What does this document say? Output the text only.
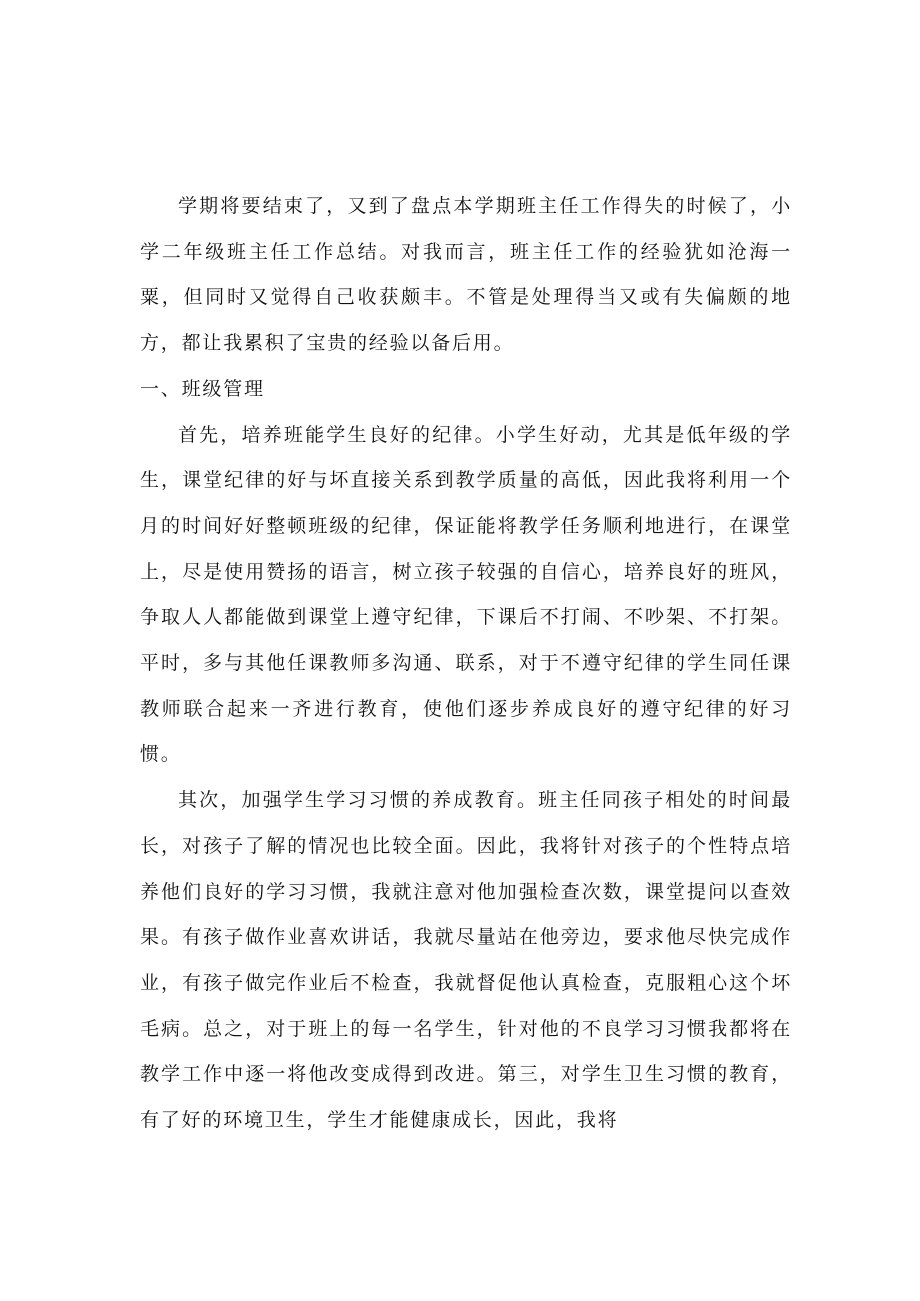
学期将要结束了，又到了盘点本学期班主任工作得失的时候了，小学二年级班主任工作总结。对我而言，班主任工作的经验犹如沧海一粟，但同时又觉得自己收获颇丰。不管是处理得当又或有失偏颇的地方，都让我累积了宝贵的经验以备后用。

一、班级管理

首先，培养班能学生良好的纪律。小学生好动，尤其是低年级的学生，课堂纪律的好与坏直接关系到教学质量的高低，因此我将利用一个月的时间好好整顿班级的纪律，保证能将教学任务顺利地进行，在课堂上，尽是使用赞扬的语言，树立孩子较强的自信心，培养良好的班风，争取人人都能做到课堂上遵守纪律，下课后不打闹、不吵架、不打架。平时，多与其他任课教师多沟通、联系，对于不遵守纪律的学生同任课教师联合起来一齐进行教育，使他们逐步养成良好的遵守纪律的好习惯。

其次，加强学生学习习惯的养成教育。班主任同孩子相处的时间最长，对孩子了解的情况也比较全面。因此，我将针对孩子的个性特点培养他们良好的学习习惯，我就注意对他加强检查次数，课堂提问以查效果。有孩子做作业喜欢讲话，我就尽量站在他旁边，要求他尽快完成作业，有孩子做完作业后不检查，我就督促他认真检查，克服粗心这个坏毛病。总之，对于班上的每一名学生，针对他的不良学习习惯我都将在教学工作中逐一将他改变成得到改进。第三，对学生卫生习惯的教育，有了好的环境卫生，学生才能健康成长，因此，我将
